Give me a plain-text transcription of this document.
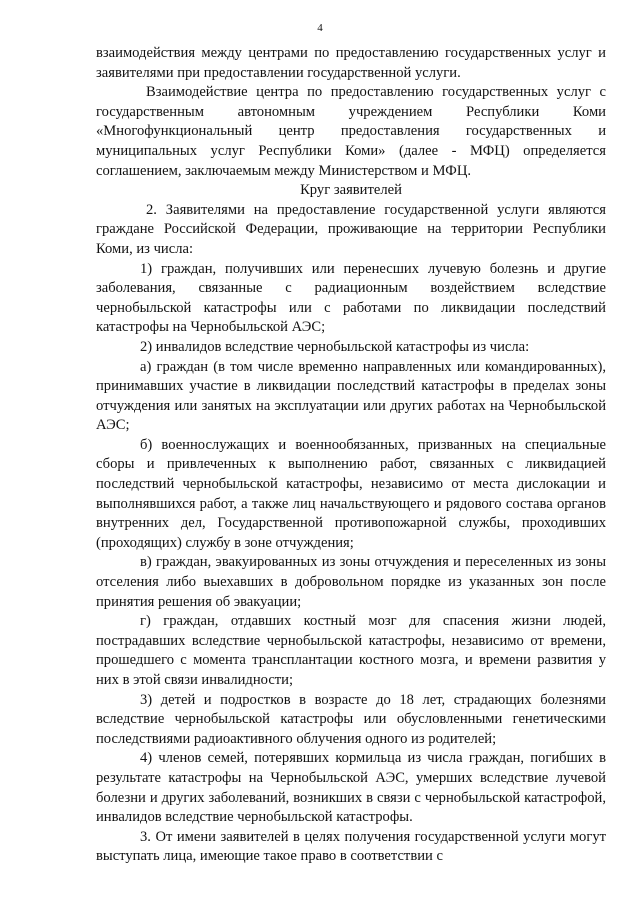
4

взаимодействия между центрами по предоставлению государственных услуг и заявителями при предоставлении государственной услуги.

Взаимодействие центра по предоставлению государственных услуг с государственным автономным учреждением Республики Коми «Многофункциональный центр предоставления государственных и муниципальных услуг Республики Коми» (далее - МФЦ) определяется соглашением, заключаемым между Министерством и МФЦ.

Круг заявителей

2. Заявителями на предоставление государственной услуги являются граждане Российской Федерации, проживающие на территории Республики Коми, из числа:

1) граждан, получивших или перенесших лучевую болезнь и другие заболевания, связанные с радиационным воздействием вследствие чернобыльской катастрофы или с работами по ликвидации последствий катастрофы на Чернобыльской АЭС;

2) инвалидов вследствие чернобыльской катастрофы из числа:

а) граждан (в том числе временно направленных или командированных), принимавших участие в ликвидации последствий катастрофы в пределах зоны отчуждения или занятых на эксплуатации или других работах на Чернобыльской АЭС;

б) военнослужащих и военнообязанных, призванных на специальные сборы и привлеченных к выполнению работ, связанных с ликвидацией последствий чернобыльской катастрофы, независимо от места дислокации и выполнявшихся работ, а также лиц начальствующего и рядового состава органов внутренних дел, Государственной противопожарной службы, проходивших (проходящих) службу в зоне отчуждения;

в) граждан, эвакуированных из зоны отчуждения и переселенных из зоны отселения либо выехавших в добровольном порядке из указанных зон после принятия решения об эвакуации;

г) граждан, отдавших костный мозг для спасения жизни людей, пострадавших вследствие чернобыльской катастрофы, независимо от времени, прошедшего с момента трансплантации костного мозга, и времени развития у них в этой связи инвалидности;

3) детей и подростков в возрасте до 18 лет, страдающих болезнями вследствие чернобыльской катастрофы или обусловленными генетическими последствиями радиоактивного облучения одного из родителей;

4) членов семей, потерявших кормильца из числа граждан, погибших в результате катастрофы на Чернобыльской АЭС, умерших вследствие лучевой болезни и других заболеваний, возникших в связи с чернобыльской катастрофой, инвалидов вследствие чернобыльской катастрофы.

3. От имени заявителей в целях получения государственной услуги могут выступать лица, имеющие такое право в соответствии с
